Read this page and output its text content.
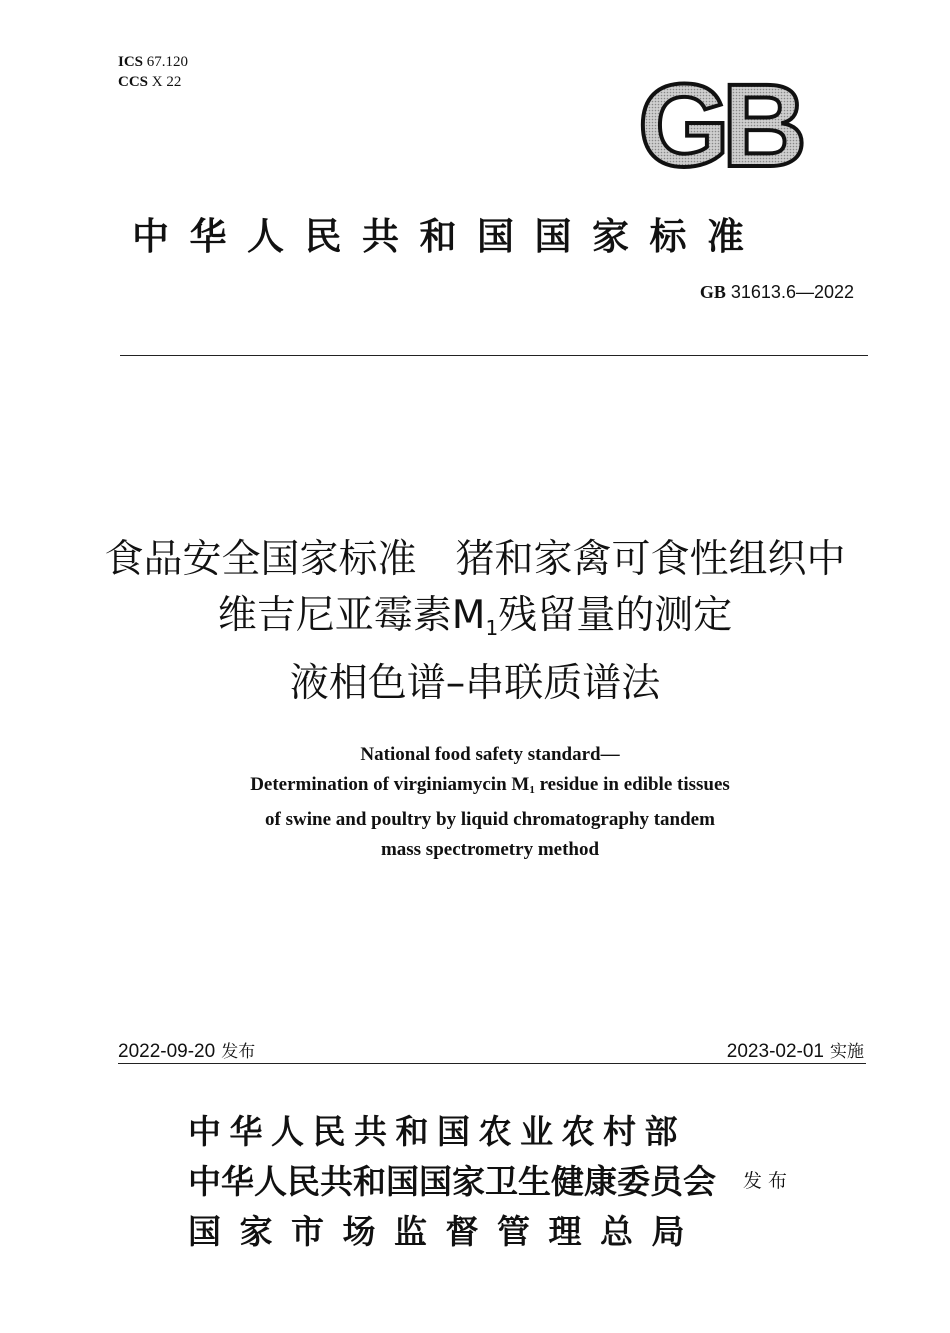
ICS 67.120
CCS X 22	GB
中华人民共和国国家标准
GB 31613.6—2022
食品安全国家标准　猪和家禽可食性组织中
维吉尼亚霉素$M_1$残留量的测定
液相色谱–串联质谱法
National food safety standard—
Determination of virginiamycin $M_1$ residue in edible tissues
of swine and poultry by liquid chromatography tandem
mass spectrometry method
2022-09-20 发布	2023-02-01 实施
中华人民共和国农业农村部
中华人民共和国国家卫生健康委员会
国家市场监督管理总局
发布
